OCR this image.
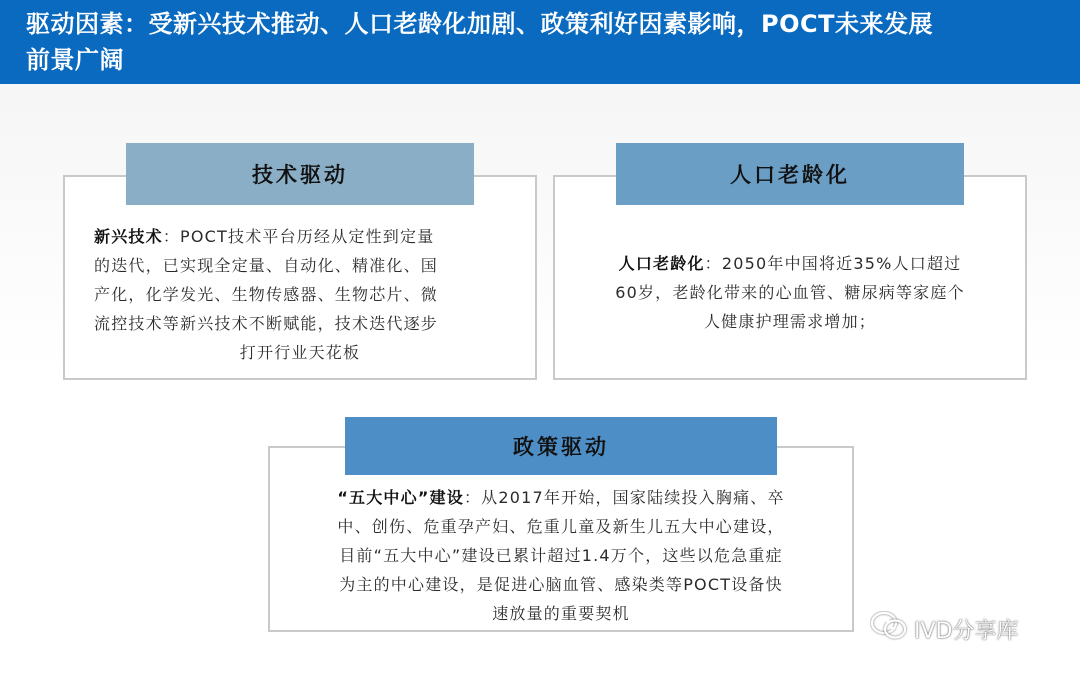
驱动因素：受新兴技术推动、人口老龄化加剧、政策利好因素影响，POCT未来发展
前景广阔
技术驱动
新兴技术：POCT技术平台历经从定性到定量
的迭代，已实现全定量、自动化、精准化、国
产化，化学发光、生物传感器、生物芯片、微
流控技术等新兴技术不断赋能，技术迭代逐步
打开行业天花板
人口老龄化
人口老龄化：2050年中国将近35%人口超过
60岁，老龄化带来的心血管、糖尿病等家庭个
人健康护理需求增加；
政策驱动
“五大中心”建设：从2017年开始，国家陆续投入胸痛、卒
中、创伤、危重孕产妇、危重儿童及新生儿五大中心建设，
目前“五大中心”建设已累计超过1.4万个，这些以危急重症
为主的中心建设，是促进心脑血管、感染类等POCT设备快
速放量的重要契机
IVD分享库
